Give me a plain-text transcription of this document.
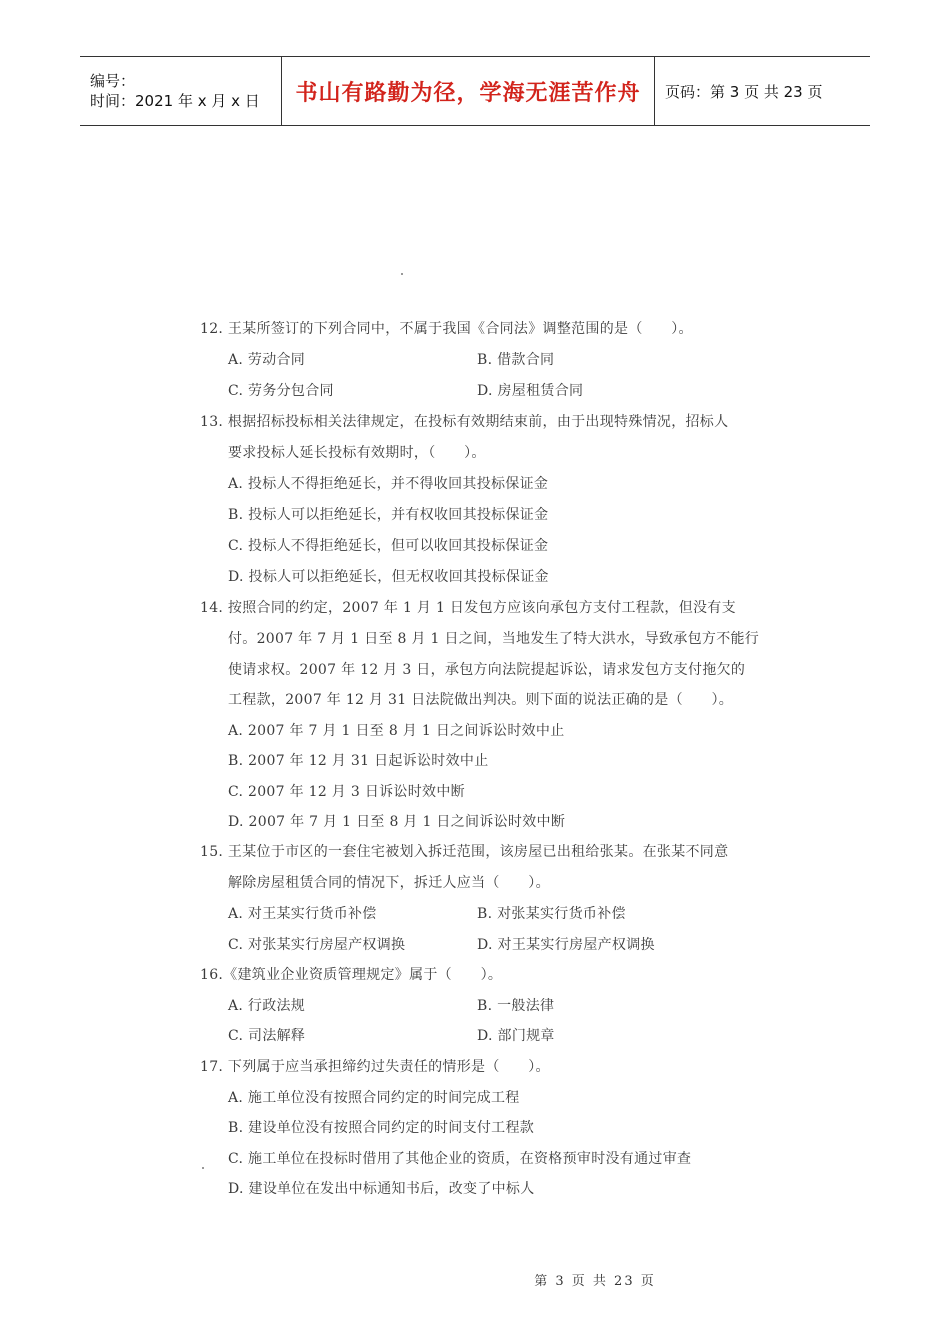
编号：
时间：2021 年 x 月 x 日	书山有路勤为径，学海无涯苦作舟	页码：第 3 页 共 23 页
12. 王某所签订的下列合同中，不属于我国《合同法》调整范围的是（　　）。
A. 劳动合同	B. 借款合同
C. 劳务分包合同	D. 房屋租赁合同
13. 根据招标投标相关法律规定，在投标有效期结束前，由于出现特殊情况，招标人
要求投标人延长投标有效期时，（　　）。
A. 投标人不得拒绝延长，并不得收回其投标保证金
B. 投标人可以拒绝延长，并有权收回其投标保证金
C. 投标人不得拒绝延长，但可以收回其投标保证金
D. 投标人可以拒绝延长，但无权收回其投标保证金
14. 按照合同的约定，2007 年 1 月 1 日发包方应该向承包方支付工程款，但没有支
付。2007 年 7 月 1 日至 8 月 1 日之间，当地发生了特大洪水，导致承包方不能行
使请求权。2007 年 12 月 3 日，承包方向法院提起诉讼，请求发包方支付拖欠的
工程款，2007 年 12 月 31 日法院做出判决。则下面的说法正确的是（　　）。
A. 2007 年 7 月 1 日至 8 月 1 日之间诉讼时效中止
B. 2007 年 12 月 31 日起诉讼时效中止
C. 2007 年 12 月 3 日诉讼时效中断
D. 2007 年 7 月 1 日至 8 月 1 日之间诉讼时效中断
15. 王某位于市区的一套住宅被划入拆迁范围，该房屋已出租给张某。在张某不同意
解除房屋租赁合同的情况下，拆迁人应当（　　）。
A. 对王某实行货币补偿	B. 对张某实行货币补偿
C. 对张某实行房屋产权调换	D. 对王某实行房屋产权调换
16.《建筑业企业资质管理规定》属于（　　）。
A. 行政法规	B. 一般法律
C. 司法解释	D. 部门规章
17. 下列属于应当承担缔约过失责任的情形是（　　）。
A. 施工单位没有按照合同约定的时间完成工程
B. 建设单位没有按照合同约定的时间支付工程款
C. 施工单位在投标时借用了其他企业的资质，在资格预审时没有通过审查
D. 建设单位在发出中标通知书后，改变了中标人
第 3 页 共 23 页
